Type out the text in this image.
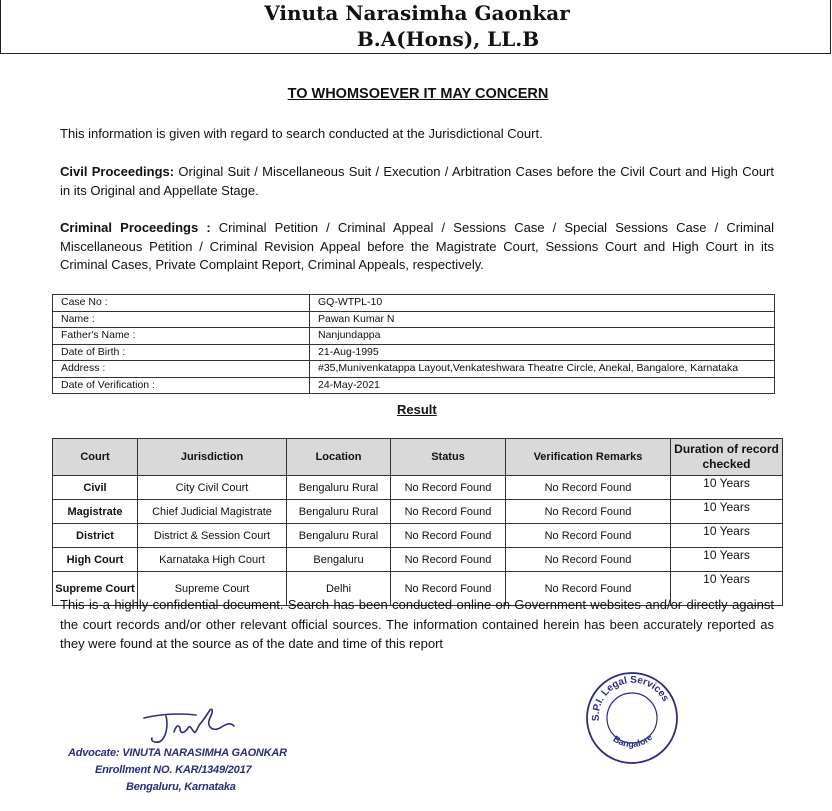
Vinuta Narasimha Gaonkar
B.A(Hons), LL.B
TO WHOMSOEVER IT MAY CONCERN
This information is given with regard to search conducted at the Jurisdictional Court.
Civil Proceedings: Original Suit / Miscellaneous Suit / Execution / Arbitration Cases before the Civil Court and High Court in its Original and Appellate Stage.
Criminal Proceedings : Criminal Petition / Criminal Appeal / Sessions Case / Special Sessions Case / Criminal Miscellaneous Petition / Criminal Revision Appeal before the Magistrate Court, Sessions Court and High Court in its Criminal Cases, Private Complaint Report, Criminal Appeals, respectively.
Case No :	GQ-WTPL-10
Name :	Pawan Kumar N
Father's Name :	Nanjundappa
Date of Birth :	21-Aug-1995
Address :	#35,Munivenkatappa Layout,Venkateshwara Theatre Circle, Anekal, Bangalore, Karnataka
Date of Verification :	24-May-2021
Result
Court	Jurisdiction	Location	Status	Verification Remarks	Duration of record checked
Civil	City Civil Court	Bengaluru Rural	No Record Found	No Record Found	10 Years
Magistrate	Chief Judicial Magistrate	Bengaluru Rural	No Record Found	No Record Found	10 Years
District	District & Session Court	Bengaluru Rural	No Record Found	No Record Found	10 Years
High Court	Karnataka High Court	Bengaluru	No Record Found	No Record Found	10 Years
Supreme Court	Supreme Court	Delhi	No Record Found	No Record Found	10 Years
This is a highly confidential document. Search has been conducted online on Government websites and/or directly against the court records and/or other relevant official sources. The information contained herein has been accurately reported as they were found at the source as of the date and time of this report
Advocate: VINUTA NARASIMHA GAONKAR
Enrollment NO. KAR/1349/2017
Bengaluru, Karnataka
S.P.I. Legal Services
Bangalore
